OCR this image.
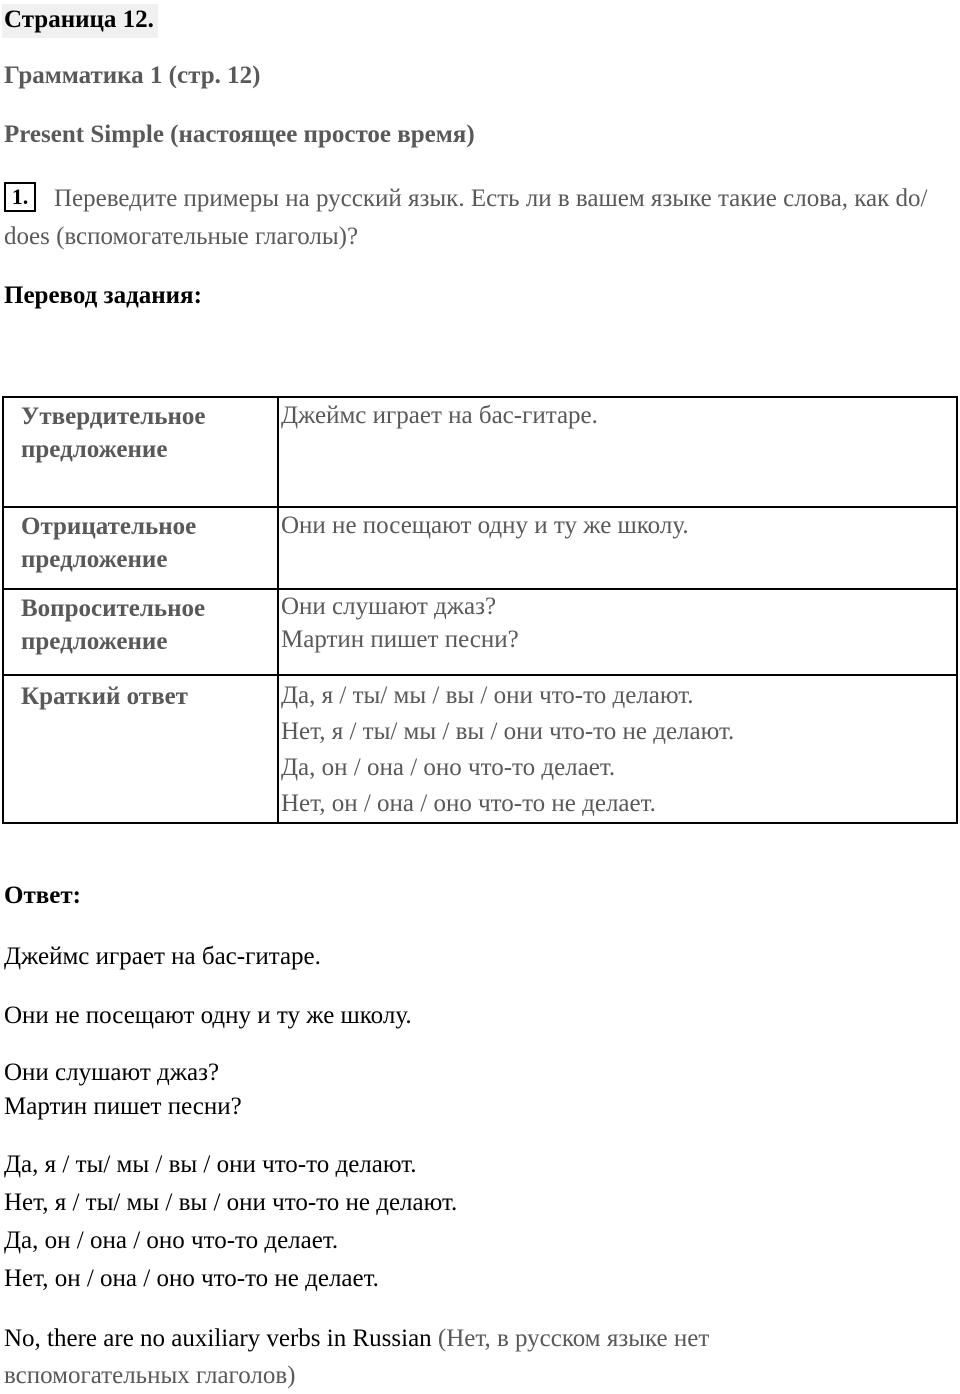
Страница 12.
Грамматика 1 (стр. 12)
Present Simple (настоящее простое время)
1. Переведите примеры на русский язык. Есть ли в вашем языке такие слова, как do/ does (вспомогательные глаголы)?
Перевод задания:
Утвердительное предложение	Джеймс играет на бас-гитаре.

Отрицательное предложение	Они не посещают одну и ту же школу.

Вопросительное предложение	Они слушают джаз?
Мартин пишет песни?

Краткий ответ	Да, я / ты/ мы / вы / они что-то делают.
Нет, я / ты/ мы / вы / они что-то не делают.
Да, он / она / оно что-то делает.
Нет, он / она / оно что-то не делает.
Ответ:
Джеймс играет на бас-гитаре.
Они не посещают одну и ту же школу.
Они слушают джаз?
Мартин пишет песни?
Да, я / ты/ мы / вы / они что-то делают.
Нет, я / ты/ мы / вы / они что-то не делают.
Да, он / она / оно что-то делает.
Нет, он / она / оно что-то не делает.
No, there are no auxiliary verbs in Russian (Нет, в русском языке нет вспомогательных глаголов)
